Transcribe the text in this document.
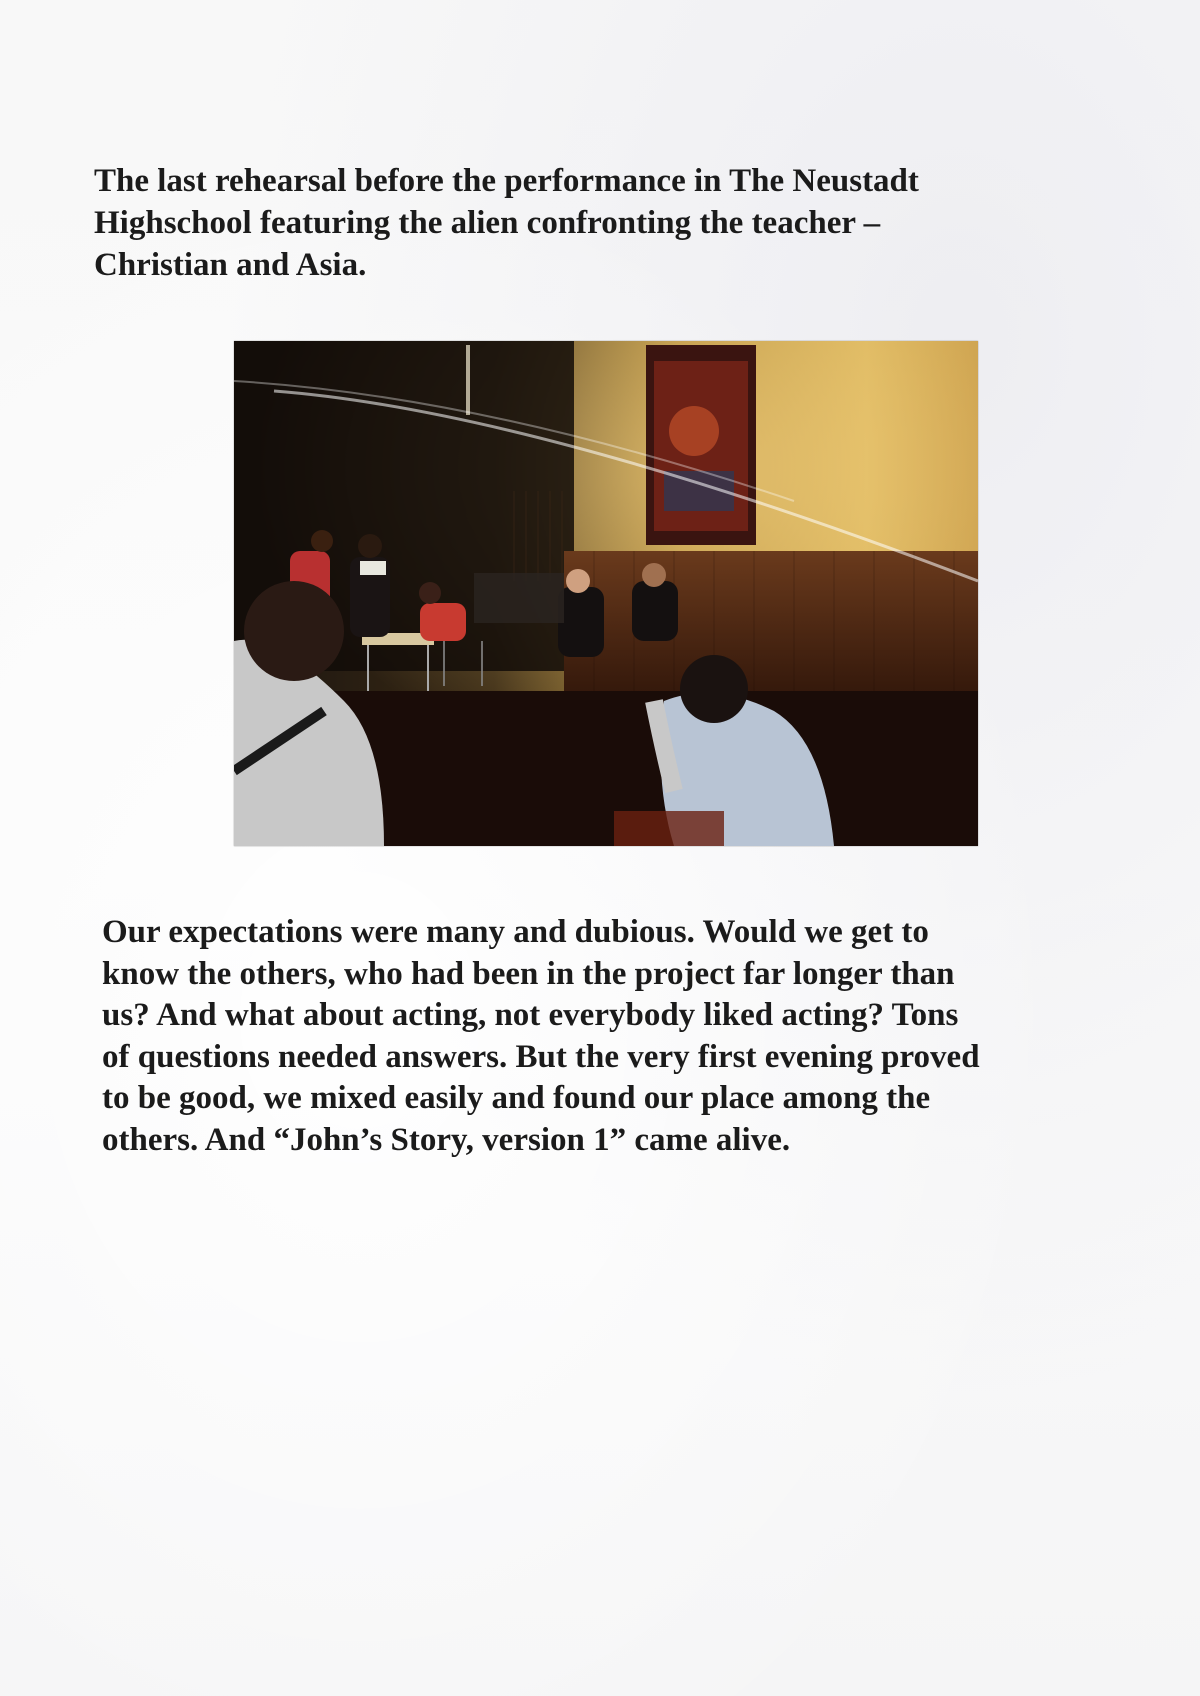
The last rehearsal before the performance in The Neustadt
Highschool featuring the alien confronting the teacher –
Christian and Asia.

Our expectations were many and dubious. Would we get to
know the others, who had been in the project far longer than
us? And what about acting, not everybody liked acting? Tons
of questions needed answers. But the very first evening proved
to be good, we mixed easily and found our place among the
others. And “John’s Story, version 1” came alive.
